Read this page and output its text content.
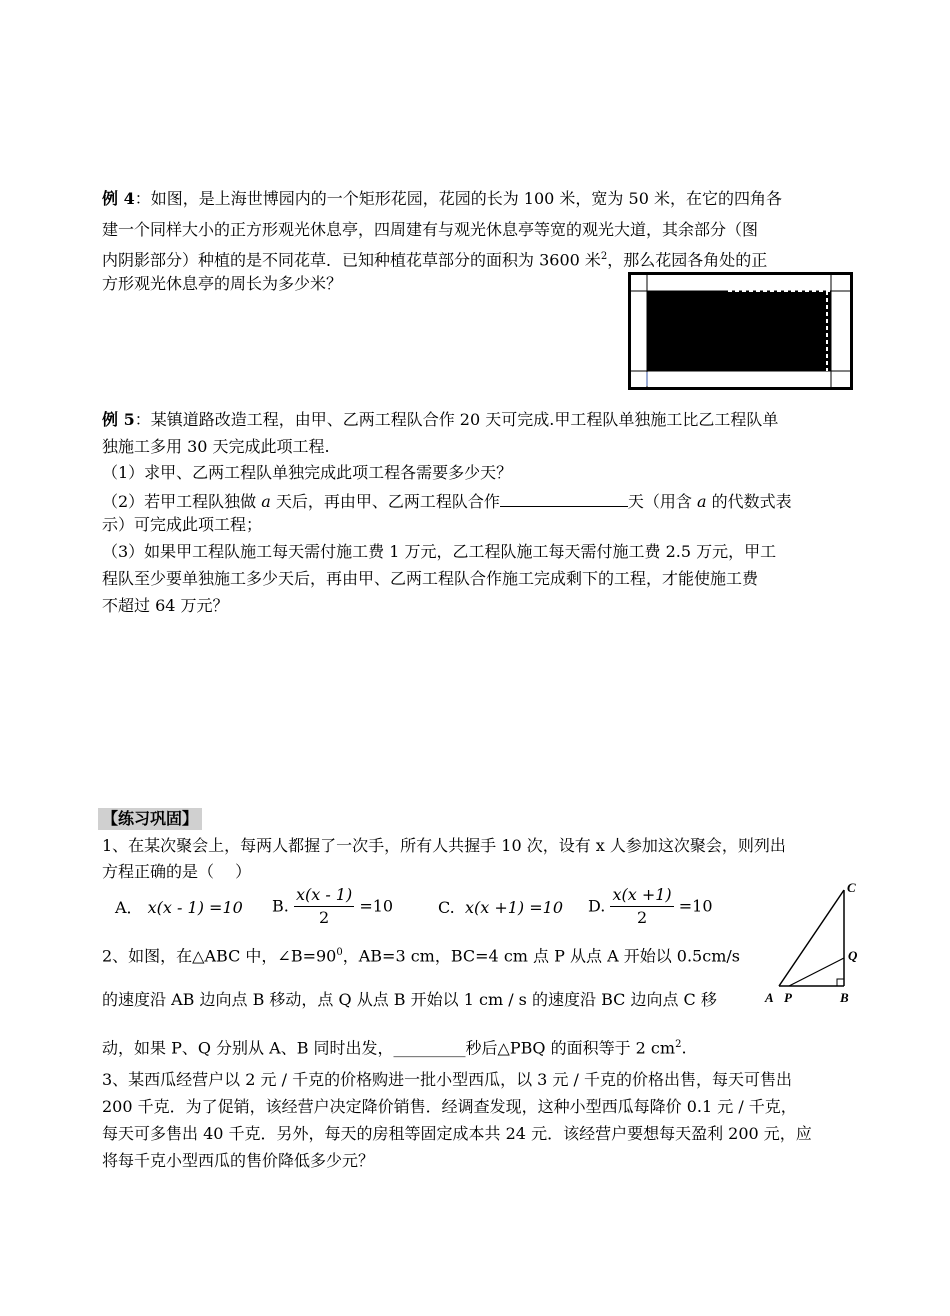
例 4：如图，是上海世博园内的一个矩形花园，花园的长为 100 米，宽为 50 米，在它的四角各
建一个同样大小的正方形观光休息亭，四周建有与观光休息亭等宽的观光大道，其余部分（图
内阴影部分）种植的是不同花草．已知种植花草部分的面积为 3600 米$^2$，那么花园各角处的正
方形观光休息亭的周长为多少米？
例 5：某镇道路改造工程，由甲、乙两工程队合作 20 天可完成.甲工程队单独施工比乙工程队单
独施工多用 30 天完成此项工程.
（1）求甲、乙两工程队单独完成此项工程各需要多少天？
（2）若甲工程队独做 a 天后，再由甲、乙两工程队合作	天（用含 a 的代数式表
示）可完成此项工程；
（3）如果甲工程队施工每天需付施工费 1 万元，乙工程队施工每天需付施工费 2.5 万元，甲工
程队至少要单独施工多少天后，再由甲、乙两工程队合作施工完成剩下的工程，才能使施工费
不超过 64 万元？
【练习巩固】
1、在某次聚会上，每两人都握了一次手，所有人共握手 10 次，设有 x 人参加这次聚会，则列出
方程正确的是（　 ）
A． x(x - 1) =10 B. $\frac{x(x - 1)}{2} =10$	C. x(x +1) =10 D. $\frac{x(x +1)}{2} =10$
2、如图，在△ABC 中，$\angle B=90^0$，AB=3 cm，BC=4 cm 点 P 从点 A 开始以 0.5cm/s
的速度沿 AB 边向点 B 移动，点 Q 从点 B 开始以 1 cm / s 的速度沿 BC 边向点 C 移
动，如果 P、Q 分别从 A、B 同时出发，_________秒后△PBQ 的面积等于 2 $cm^2$.
C
Q
A P	B
3、某西瓜经营户以 2 元 / 千克的价格购进一批小型西瓜，以 3 元 / 千克的价格出售，每天可售出
200 千克．为了促销，该经营户决定降价销售．经调查发现，这种小型西瓜每降价 0.1 元 / 千克，
每天可多售出 40 千克．另外，每天的房租等固定成本共 24 元．该经营户要想每天盈利 200 元，应
将每千克小型西瓜的售价降低多少元？
